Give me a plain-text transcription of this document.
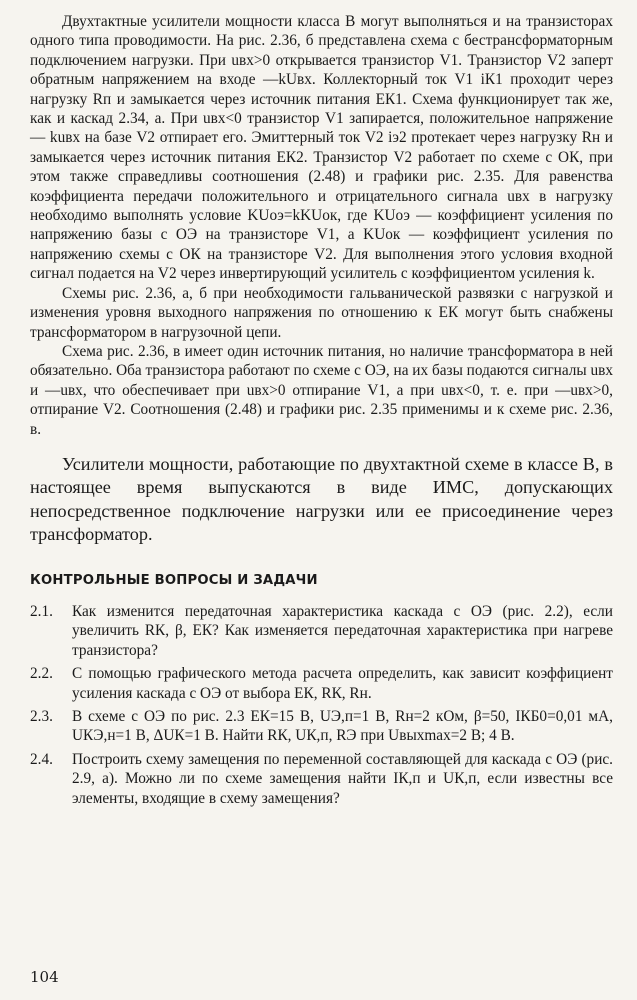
Двухтактные усилители мощности класса В могут выполняться и на транзисторах одного типа проводимости. На рис. 2.36, б представлена схема с бестрансформаторным подключением нагрузки. При uвх>0 открывается транзистор V1. Транзистор V2 заперт обратным напряжением на входе —kUвх. Коллекторный ток V1 iК1 проходит через нагрузку Rп и замыкается через источник питания EК1. Схема функционирует так же, как и каскад 2.34, а. При uвх<0 транзистор V1 запирается, положительное напряжение — kuвх на базе V2 отпирает его. Эмиттерный ток V2 iэ2 протекает через нагрузку Rн и замыкается через источник питания EК2. Транзистор V2 работает по схеме с ОК, при этом также справедливы соотношения (2.48) и графики рис. 2.35. Для равенства коэффициента передачи положительного и отрицательного сигнала uвх в нагрузку необходимо выполнять условие KUоэ=kKUок, где KUоэ — коэффициент усиления по напряжению базы с ОЭ на транзисторе V1, а KUок — коэффициент усиления по напряжению схемы с ОК на транзисторе V2. Для выполнения этого условия входной сигнал подается на V2 через инвертирующий усилитель с коэффициентом усиления k.

Схемы рис. 2.36, а, б при необходимости гальванической развязки с нагрузкой и изменения уровня выходного напряжения по отношению к EК могут быть снабжены трансформатором в нагрузочной цепи.

Схема рис. 2.36, в имеет один источник питания, но наличие трансформатора в ней обязательно. Оба транзистора работают по схеме с ОЭ, на их базы подаются сигналы uвх и —uвх, что обеспечивает при uвх>0 отпирание V1, а при uвх<0, т. е. при —uвх>0, отпирание V2. Соотношения (2.48) и графики рис. 2.35 применимы и к схеме рис. 2.36, в.

Усилители мощности, работающие по двухтактной схеме в классе В, в настоящее время выпускаются в виде ИМС, допускающих непосредственное подключение нагрузки или ее присоединение через трансформатор.

КОНТРОЛЬНЫЕ ВОПРОСЫ И ЗАДАЧИ
2.1.	Как изменится передаточная характеристика каскада с ОЭ (рис. 2.2), если увеличить RК, β, EК? Как изменяется передаточная характеристика при нагреве транзистора?
2.2.	С помощью графического метода расчета определить, как зависит коэффициент усиления каскада с ОЭ от выбора EК, RК, Rн.
2.3.	В схеме с ОЭ по рис. 2.3 EК=15 В, UЭ,п=1 В, Rн=2 кОм, β=50, IКБ0=0,01 мА, UКЭ,н=1 В, ΔUК=1 В. Найти RК, UК,п, RЭ при Uвыхmax=2 В; 4 В.
2.4.	Построить схему замещения по переменной составляющей для каскада с ОЭ (рис. 2.9, а). Можно ли по схеме замещения найти IК,п и UК,п, если известны все элементы, входящие в схему замещения?
104
